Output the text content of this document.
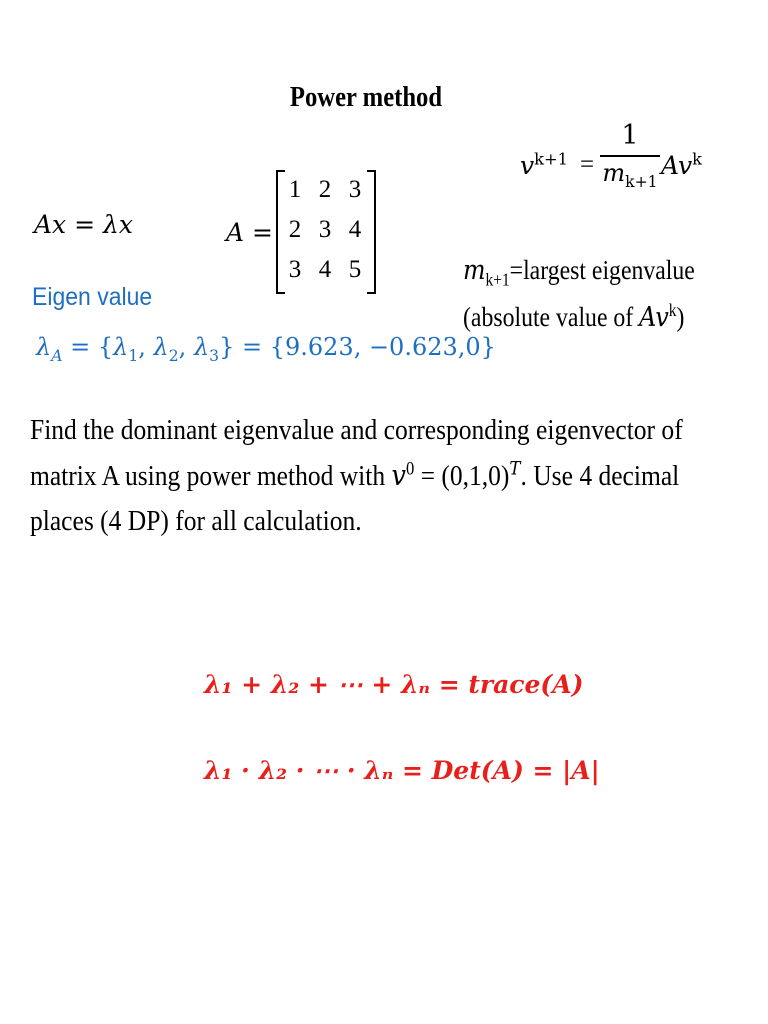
Power method
$v^{k+1}$ =
1
$m_{k+1}$
Av$^k$
Ax = λx	A =
1	2	3
2	3	4
3	4	5	$m_{k+1}=largest$ eigenvalue
(absolute value of Av$^k$)
Eigen value
$\lambda_A = \{\lambda_1$, $\lambda_2$, $\lambda_3\} = \{9.623$, −0.623,0}
Find the dominant eigenvalue and corresponding eigenvector of matrix A using power method with $v^0 = (0,1,0)^T$. Use 4 decimal places (4 DP) for all calculation.
λ₁ + λ₂ + ⋯ + λₙ = trace(A)
λ₁ · λ₂ · ⋯ · λₙ = Det(A) = |A|
